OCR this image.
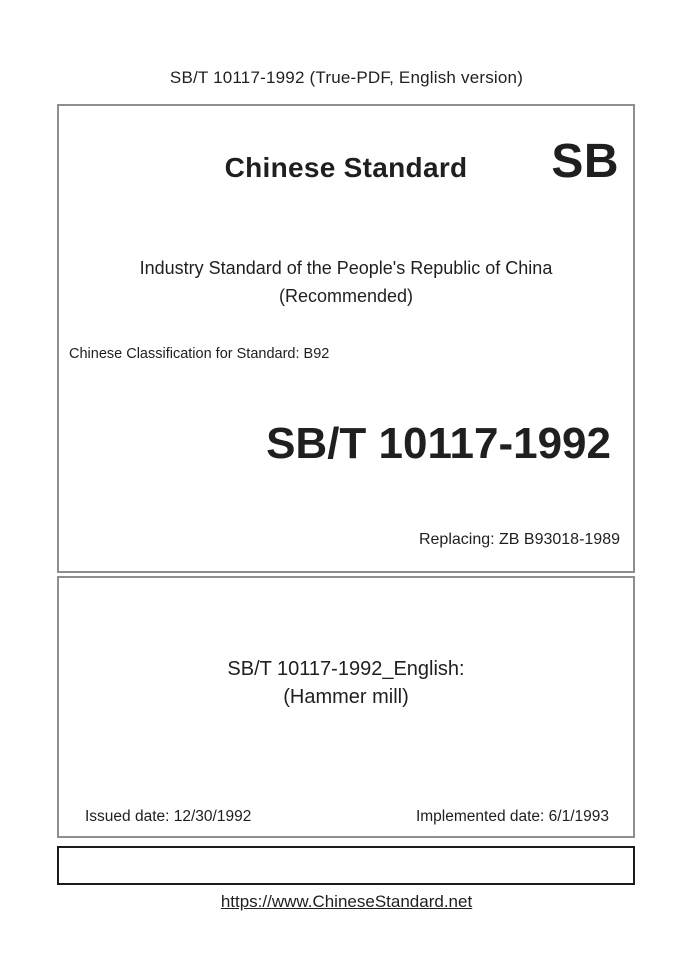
SB/T 10117-1992 (True-PDF, English version)
Chinese Standard	SB
Industry Standard of the People's Republic of China
(Recommended)
Chinese Classification for Standard: B92
SB/T 10117-1992
Replacing: ZB B93018-1989
SB/T 10117-1992_English:
(Hammer mill)
Issued date: 12/30/1992	Implemented date: 6/1/1993
https://www.ChineseStandard.net
